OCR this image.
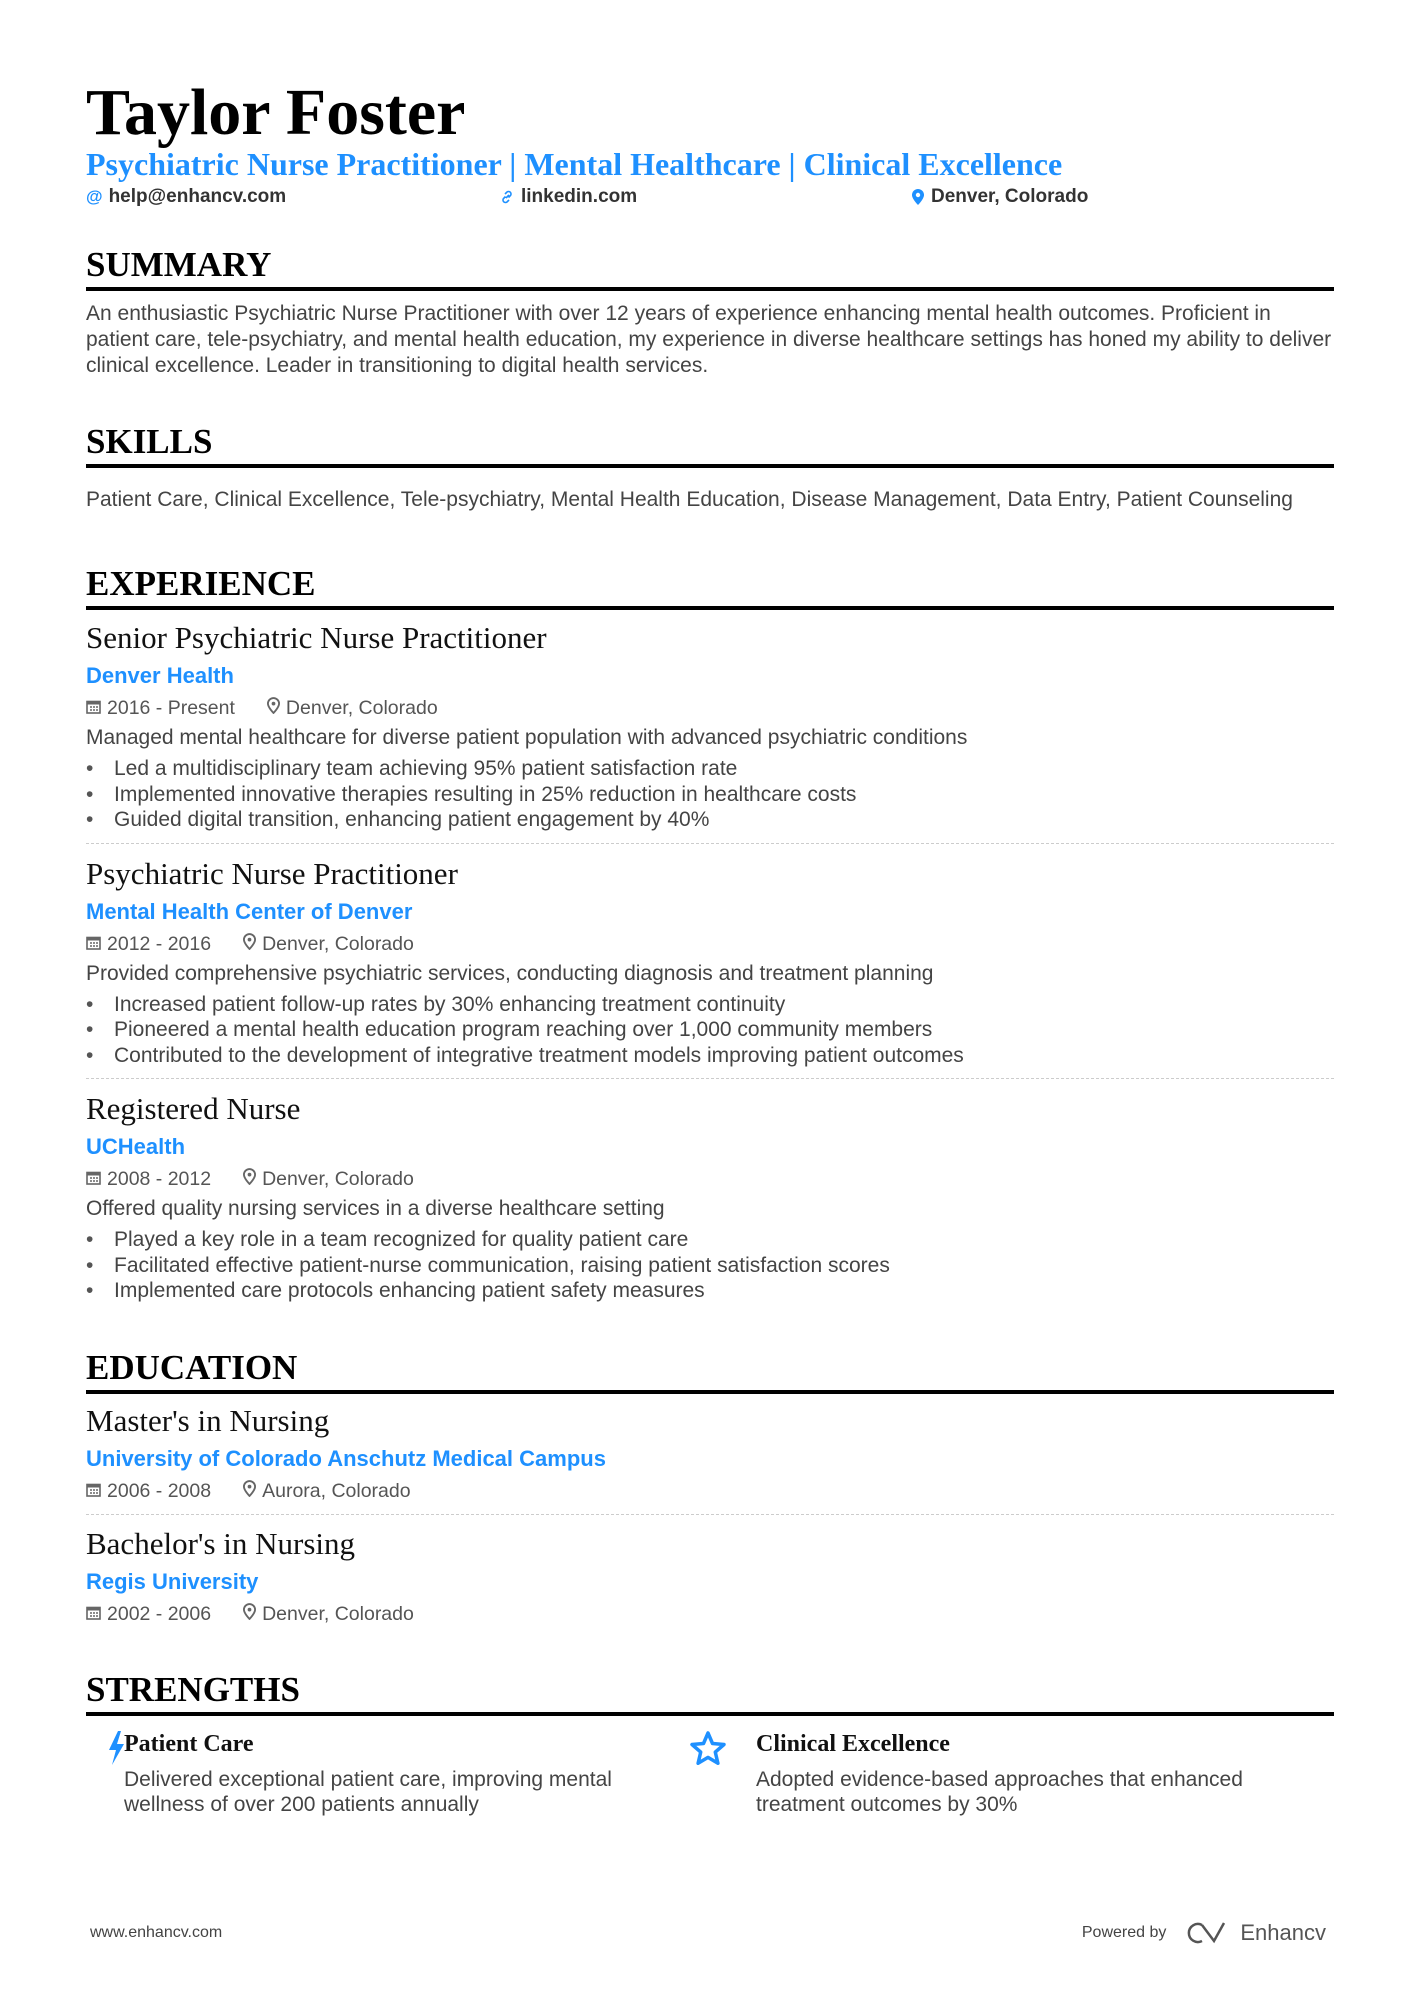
Taylor Foster
Psychiatric Nurse Practitioner | Mental Healthcare | Clinical Excellence
@ help@enhancv.com	linkedin.com	Denver, Colorado
SUMMARY
An enthusiastic Psychiatric Nurse Practitioner with over 12 years of experience enhancing mental health outcomes. Proficient in patient care, tele-psychiatry, and mental health education, my experience in diverse healthcare settings has honed my ability to deliver clinical excellence. Leader in transitioning to digital health services.
SKILLS
Patient Care, Clinical Excellence, Tele-psychiatry, Mental Health Education, Disease Management, Data Entry, Patient Counseling
EXPERIENCE
Senior Psychiatric Nurse Practitioner
Denver Health
2016 - Present	Denver, Colorado
Managed mental healthcare for diverse patient population with advanced psychiatric conditions
• Led a multidisciplinary team achieving 95% patient satisfaction rate
• Implemented innovative therapies resulting in 25% reduction in healthcare costs
• Guided digital transition, enhancing patient engagement by 40%
Psychiatric Nurse Practitioner
Mental Health Center of Denver
2012 - 2016	Denver, Colorado
Provided comprehensive psychiatric services, conducting diagnosis and treatment planning
• Increased patient follow-up rates by 30% enhancing treatment continuity
• Pioneered a mental health education program reaching over 1,000 community members
• Contributed to the development of integrative treatment models improving patient outcomes
Registered Nurse
UCHealth
2008 - 2012	Denver, Colorado
Offered quality nursing services in a diverse healthcare setting
• Played a key role in a team recognized for quality patient care
• Facilitated effective patient-nurse communication, raising patient satisfaction scores
• Implemented care protocols enhancing patient safety measures
EDUCATION
Master's in Nursing
University of Colorado Anschutz Medical Campus
2006 - 2008	Aurora, Colorado
Bachelor's in Nursing
Regis University
2002 - 2006	Denver, Colorado
STRENGTHS
Patient Care
Delivered exceptional patient care, improving mental wellness of over 200 patients annually
Clinical Excellence
Adopted evidence-based approaches that enhanced treatment outcomes by 30%
www.enhancv.com	Powered by	Enhancv
